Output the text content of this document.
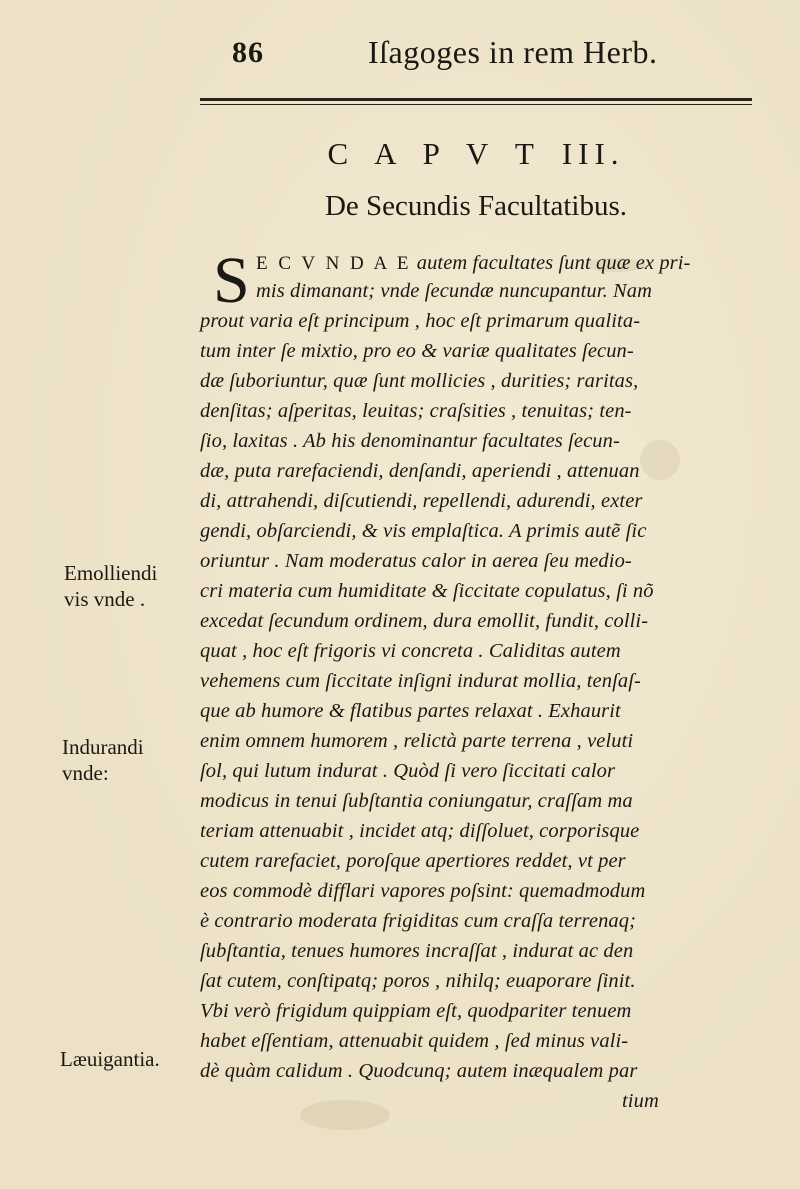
86	Iſagoges in rem Herb.
C A P V T III.
De Secundis Facultatibus.
S E C V N D A E autem facultates ſunt quæ ex pri-
mis dimanant; vnde ſecundæ nuncupantur. Nam
prout varia eſt principum , hoc eſt primarum qualita-
tum inter ſe mixtio, pro eo & variæ qualitates ſecun-
dæ ſuboriuntur, quæ ſunt mollicies , durities; raritas,
denſitas; aſperitas, leuitas; craſsities , tenuitas; ten-
ſio, laxitas . Ab his denominantur facultates ſecun-
dæ, puta rarefaciendi, denſandi, aperiendi , attenuan
di, attrahendi, diſcutiendi, repellendi, adurendi, exter
gendi, obſarciendi, & vis emplaſtica. A primis autẽ ſic
oriuntur . Nam moderatus calor in aerea ſeu medio-
cri materia cum humiditate & ſiccitate copulatus, ſi nõ
excedat ſecundum ordinem, dura emollit, fundit, colli-
quat , hoc eſt frigoris vi concreta . Caliditas autem
vehemens cum ſiccitate inſigni indurat mollia, tenſaſ-
que ab humore & flatibus partes relaxat . Exhaurit
enim omnem humorem , relictà parte terrena , veluti
ſol, qui lutum indurat . Quòd ſi vero ſiccitati calor
modicus in tenui ſubſtantia coniungatur, craſſam ma
teriam attenuabit , incidet atq; diſſoluet, corporisque
cutem rarefaciet, poroſque apertiores reddet, vt per
eos commodè difflari vapores poſsint: quemadmodum
è contrario moderata frigiditas cum craſſa terrenaq;
ſubſtantia, tenues humores incraſſat , indurat ac den
ſat cutem, conſtipatq; poros , nihilq; euaporare ſinit.
Vbi verò frigidum quippiam eſt, quodpariter tenuem
habet eſſentiam, attenuabit quidem , ſed minus vali-
dè quàm calidum . Quodcunq; autem inæqualem par
tium
Emolliendi
vis vnde .
Indurandi
vnde:
Læuigantia.
